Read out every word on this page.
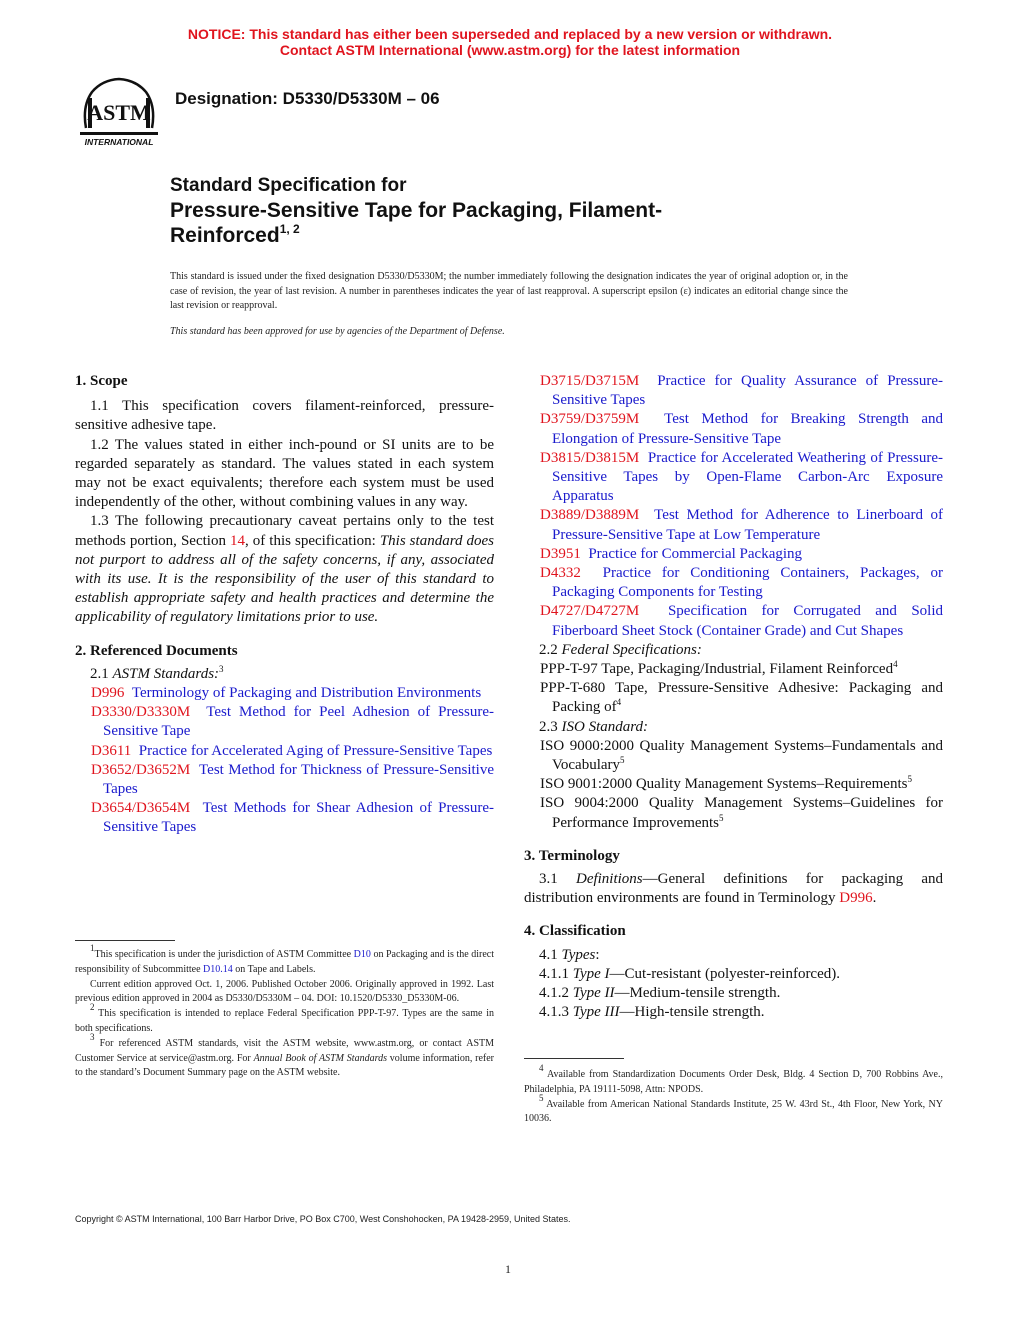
NOTICE: This standard has either been superseded and replaced by a new version or withdrawn.
Contact ASTM International (www.astm.org) for the latest information
ASTM
INTERNATIONAL
Designation: D5330/D5330M – 06
Standard Specification for
Pressure-Sensitive Tape for Packaging, Filament-
Reinforced$^{1, 2}$
This standard is issued under the fixed designation D5330/D5330M; the number immediately following the designation indicates the year of original adoption or, in the case of revision, the year of last revision. A number in parentheses indicates the year of last reapproval. A superscript epsilon (ε) indicates an editorial change since the last revision or reapproval.
This standard has been approved for use by agencies of the Department of Defense.

1. Scope

1.1 This specification covers filament-reinforced, pressure-sensitive adhesive tape.

1.2 The values stated in either inch-pound or SI units are to be regarded separately as standard. The values stated in each system may not be exact equivalents; therefore each system must be used independently of the other, without combining values in any way.

1.3 The following precautionary caveat pertains only to the test methods portion, Section 14, of this specification: This standard does not purport to address all of the safety concerns, if any, associated with its use. It is the responsibility of the user of this standard to establish appropriate safety and health practices and determine the applicability of regulatory limitations prior to use.

2. Referenced Documents

2.1 ASTM Standards:$^3$

D996 Terminology of Packaging and Distribution Environments

D3330/D3330M Test Method for Peel Adhesion of Pressure-Sensitive Tape

D3611 Practice for Accelerated Aging of Pressure-Sensitive Tapes

D3652/D3652M Test Method for Thickness of Pressure-Sensitive Tapes

D3654/D3654M Test Methods for Shear Adhesion of Pressure-Sensitive Tapes

D3715/D3715M Practice for Quality Assurance of Pressure-Sensitive Tapes

D3759/D3759M Test Method for Breaking Strength and Elongation of Pressure-Sensitive Tape

D3815/D3815M Practice for Accelerated Weathering of Pressure-Sensitive Tapes by Open-Flame Carbon-Arc Exposure Apparatus

D3889/D3889M Test Method for Adherence to Linerboard of Pressure-Sensitive Tape at Low Temperature

D3951 Practice for Commercial Packaging

D4332 Practice for Conditioning Containers, Packages, or Packaging Components for Testing

D4727/D4727M Specification for Corrugated and Solid Fiberboard Sheet Stock (Container Grade) and Cut Shapes

2.2 Federal Specifications:

PPP-T-97 Tape, Packaging/Industrial, Filament Reinforced$^4$

PPP-T-680 Tape, Pressure-Sensitive Adhesive: Packaging and Packing of$^4$

2.3 ISO Standard:

ISO 9000:2000 Quality Management Systems–Fundamentals and Vocabulary$^5$

ISO 9001:2000 Quality Management Systems–Requirements$^5$

ISO 9004:2000 Quality Management Systems–Guidelines for Performance Improvements$^5$

3. Terminology

3.1 Definitions—General definitions for packaging and distribution environments are found in Terminology D996.

4. Classification

4.1 Types:

4.1.1 Type I—Cut-resistant (polyester-reinforced).

4.1.2 Type II—Medium-tensile strength.

4.1.3 Type III—High-tensile strength.

$^1$This specification is under the jurisdiction of ASTM Committee D10 on Packaging and is the direct responsibility of Subcommittee D10.14 on Tape and Labels.

Current edition approved Oct. 1, 2006. Published October 2006. Originally approved in 1992. Last previous edition approved in 2004 as D5330/D5330M – 04. DOI: 10.1520/D5330_D5330M-06.

$^2$ This specification is intended to replace Federal Specification PPP-T-97. Types are the same in both specifications.

$^3$ For referenced ASTM standards, visit the ASTM website, www.astm.org, or contact ASTM Customer Service at service@astm.org. For Annual Book of ASTM Standards volume information, refer to the standard’s Document Summary page on the ASTM website.	$^4$ Available from Standardization Documents Order Desk, Bldg. 4 Section D, 700 Robbins Ave., Philadelphia, PA 19111-5098, Attn: NPODS.

$^5$ Available from American National Standards Institute, 25 W. 43rd St., 4th Floor, New York, NY 10036.

Copyright © ASTM International, 100 Barr Harbor Drive, PO Box C700, West Conshohocken, PA 19428-2959, United States.
1
